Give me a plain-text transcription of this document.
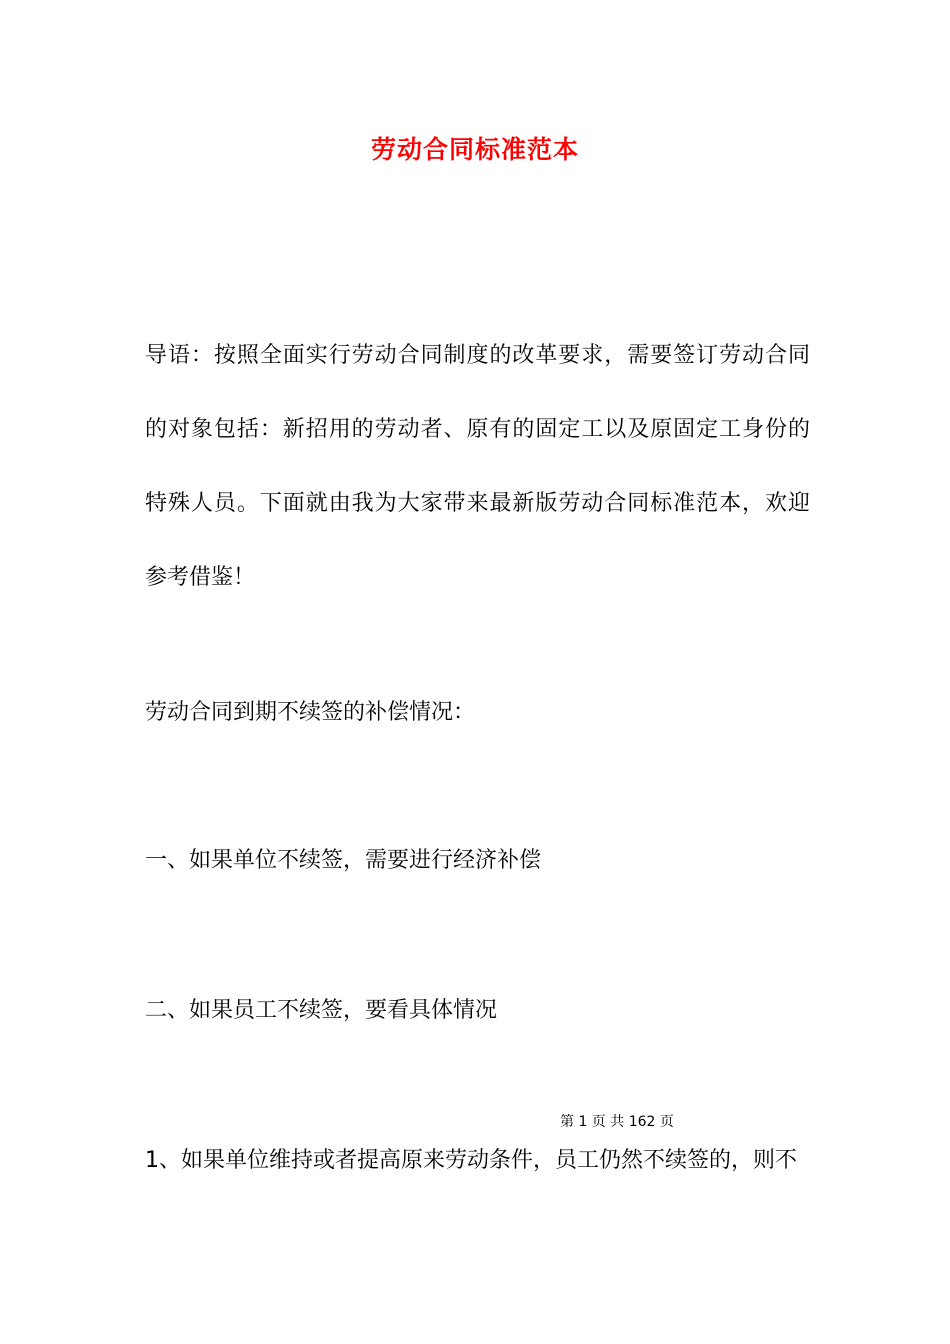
劳动合同标准范本
导语：按照全面实行劳动合同制度的改革要求，需要签订劳动合同
的对象包括：新招用的劳动者、原有的固定工以及原固定工身份的
特殊人员。下面就由我为大家带来最新版劳动合同标准范本，欢迎
参考借鉴！
劳动合同到期不续签的补偿情况：
一、如果单位不续签，需要进行经济补偿
二、如果员工不续签，要看具体情况
第 1 页 共 162 页
1、如果单位维持或者提高原来劳动条件，员工仍然不续签的，则不
